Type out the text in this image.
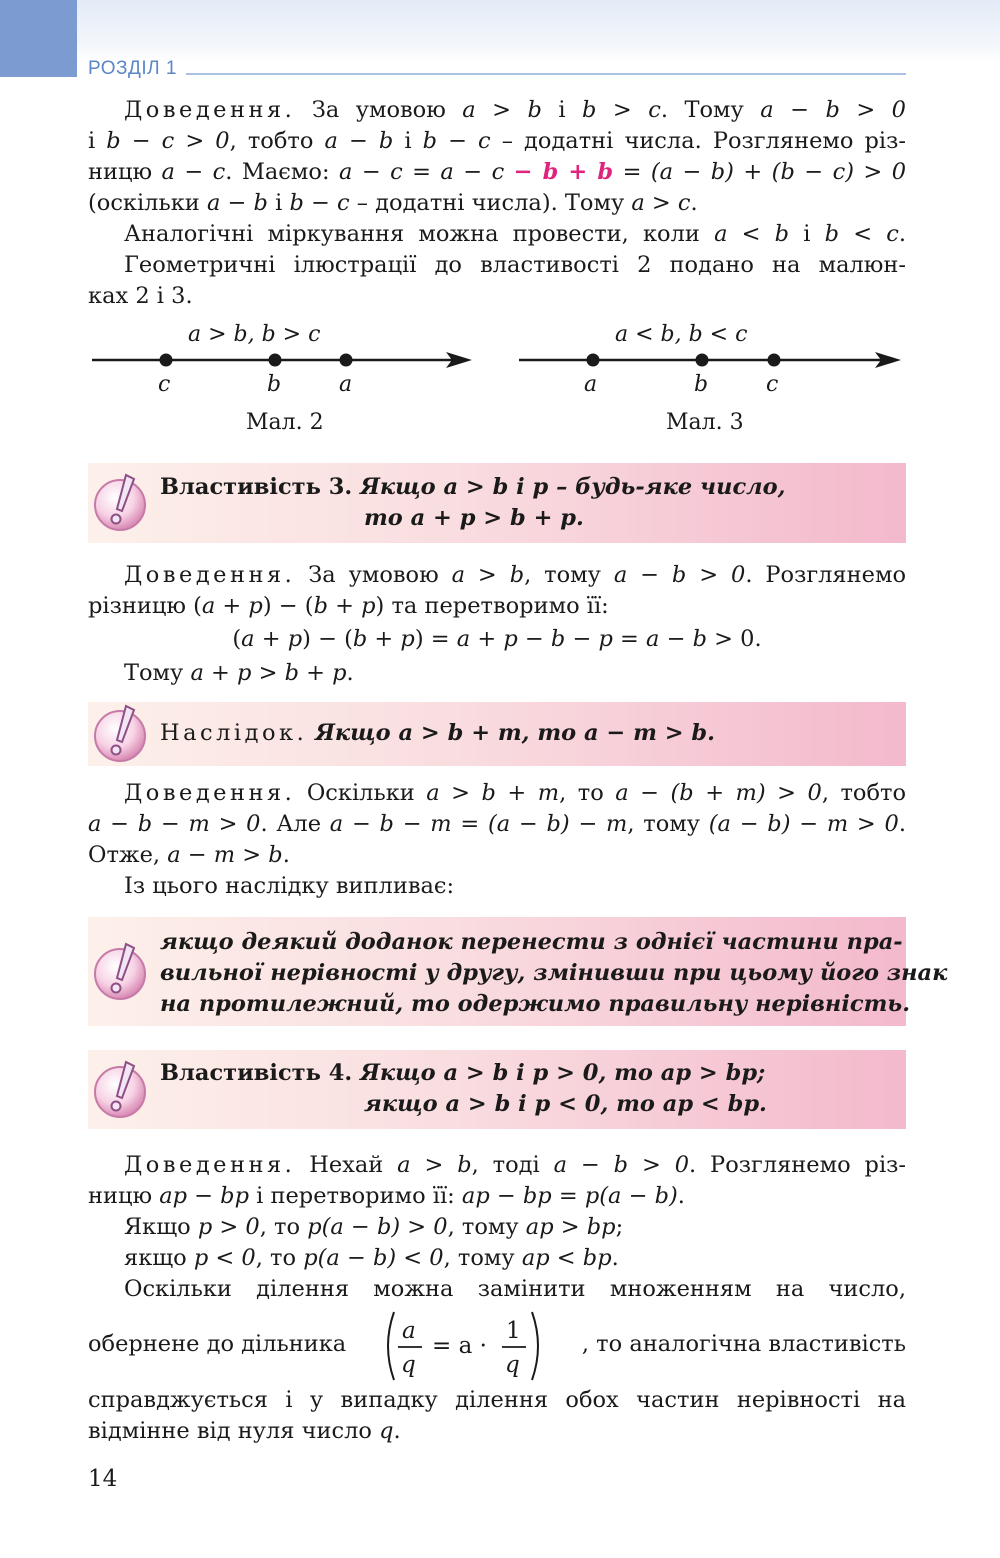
РОЗДІЛ 1
Доведення. За умовою a > b і b > c. Тому a − b > 0
і b − c > 0, тобто a − b і b − c – додатні числа. Розглянемо різ-
ницю a − c. Маємо: a − c = a − c − b + b = (a − b) + (b − c) > 0
(оскільки a − b і b − c – додатні числа). Тому a > c.
Аналогічні міркування можна провести, коли a < b і b < c.
Геометричні ілюстрації до властивості 2 подано на малюн-
ках 2 і 3.
a > b, b > c
c	b	a
Мал. 2
a < b, b < c
a	b	c
Мал. 3
Властивість 3. Якщо a > b і p – будь-яке число,
то a + p > b + p.
Доведення. За умовою a > b, тому a − b > 0. Розглянемо
різницю (a + p) − (b + p) та перетворимо її:
(a + p) − (b + p) = a + p − b − p = a − b > 0.
Тому a + p > b + p.
Наслідок. Якщо a > b + m, то a − m > b.
Доведення. Оскільки a > b + m, то a − (b + m) > 0, тобто
a − b − m > 0. Але a − b − m = (a − b) − m, тому (a − b) − m > 0.
Отже, a − m > b.
Із цього наслідку випливає:
якщо деякий доданок перенести з однієї частини пра-
вильної нерівності у другу, змінивши при цьому його знак
на протилежний, то одержимо правильну нерівність.
Властивість 4. Якщо a > b і p > 0, то ap > bp;
якщо a > b і p < 0, то ap < bp.
Доведення. Нехай a > b, тоді a − b > 0. Розглянемо різ-
ницю ap − bp і перетворимо її: ap − bp = p(a − b).
Якщо p > 0, то p(a − b) > 0, тому ap > bp;
якщо p < 0, то p(a − b) < 0, тому ap < bp.
Оскільки ділення можна замінити множенням на число,
обернене до дільника a
q
= a ·
1
q
, то аналогічна властивість
справджується і у випадку ділення обох частин нерівності на
відмінне від нуля число q.
14
